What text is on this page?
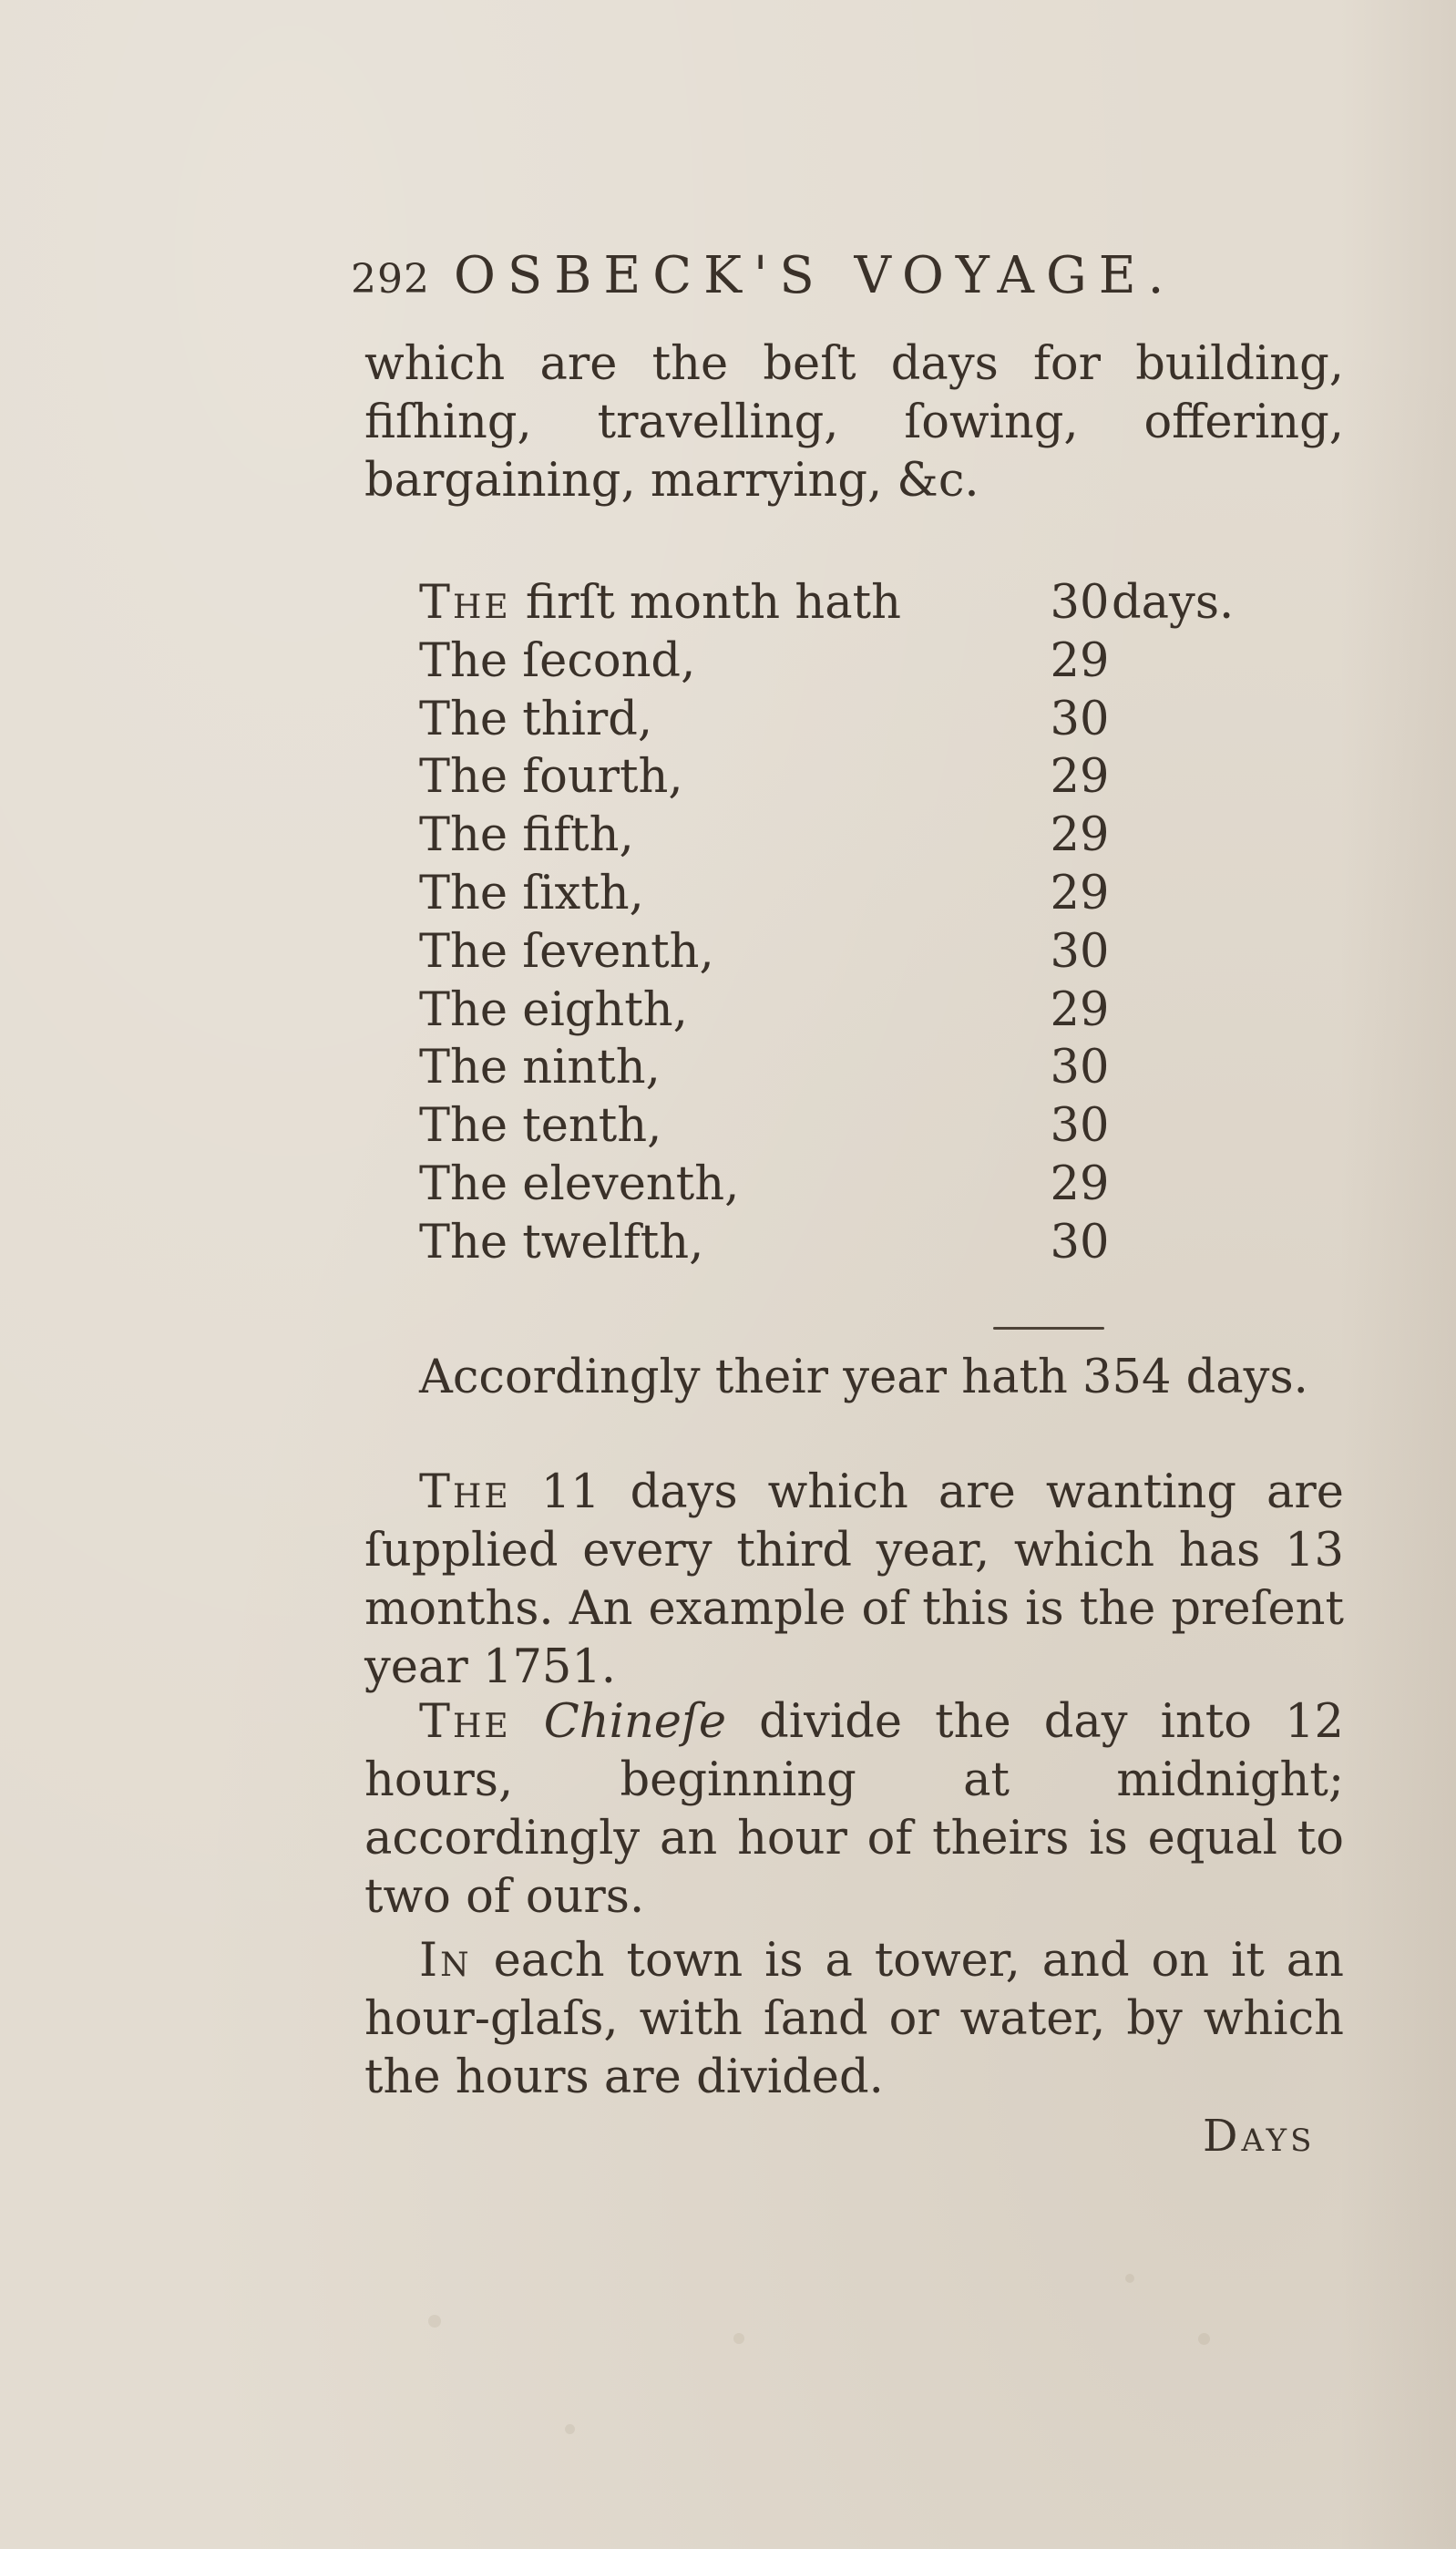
292 OSBECK'S VOYAGE.
which are the beſt days for building, fiſhing, travelling, ſowing, offering, bargaining, marrying, &c.
The firſt month hath	30 days.
The ſecond,	29
The third,	30
The fourth,	29
The fifth,	29
The ſixth,	29
The ſeventh,	30
The eighth,	29
The ninth,	30
The tenth,	30
The eleventh,	29
The twelfth,	30
Accordingly their year hath 354 days.
The 11 days which are wanting are ſupplied every third year, which has 13 months. An example of this is the preſent year 1751.
The Chineſe divide the day into 12 hours, beginning at midnight; accordingly an hour of theirs is equal to two of ours.
In each town is a tower, and on it an hour-glaſs, with ſand or water, by which the hours are divided.
Days
